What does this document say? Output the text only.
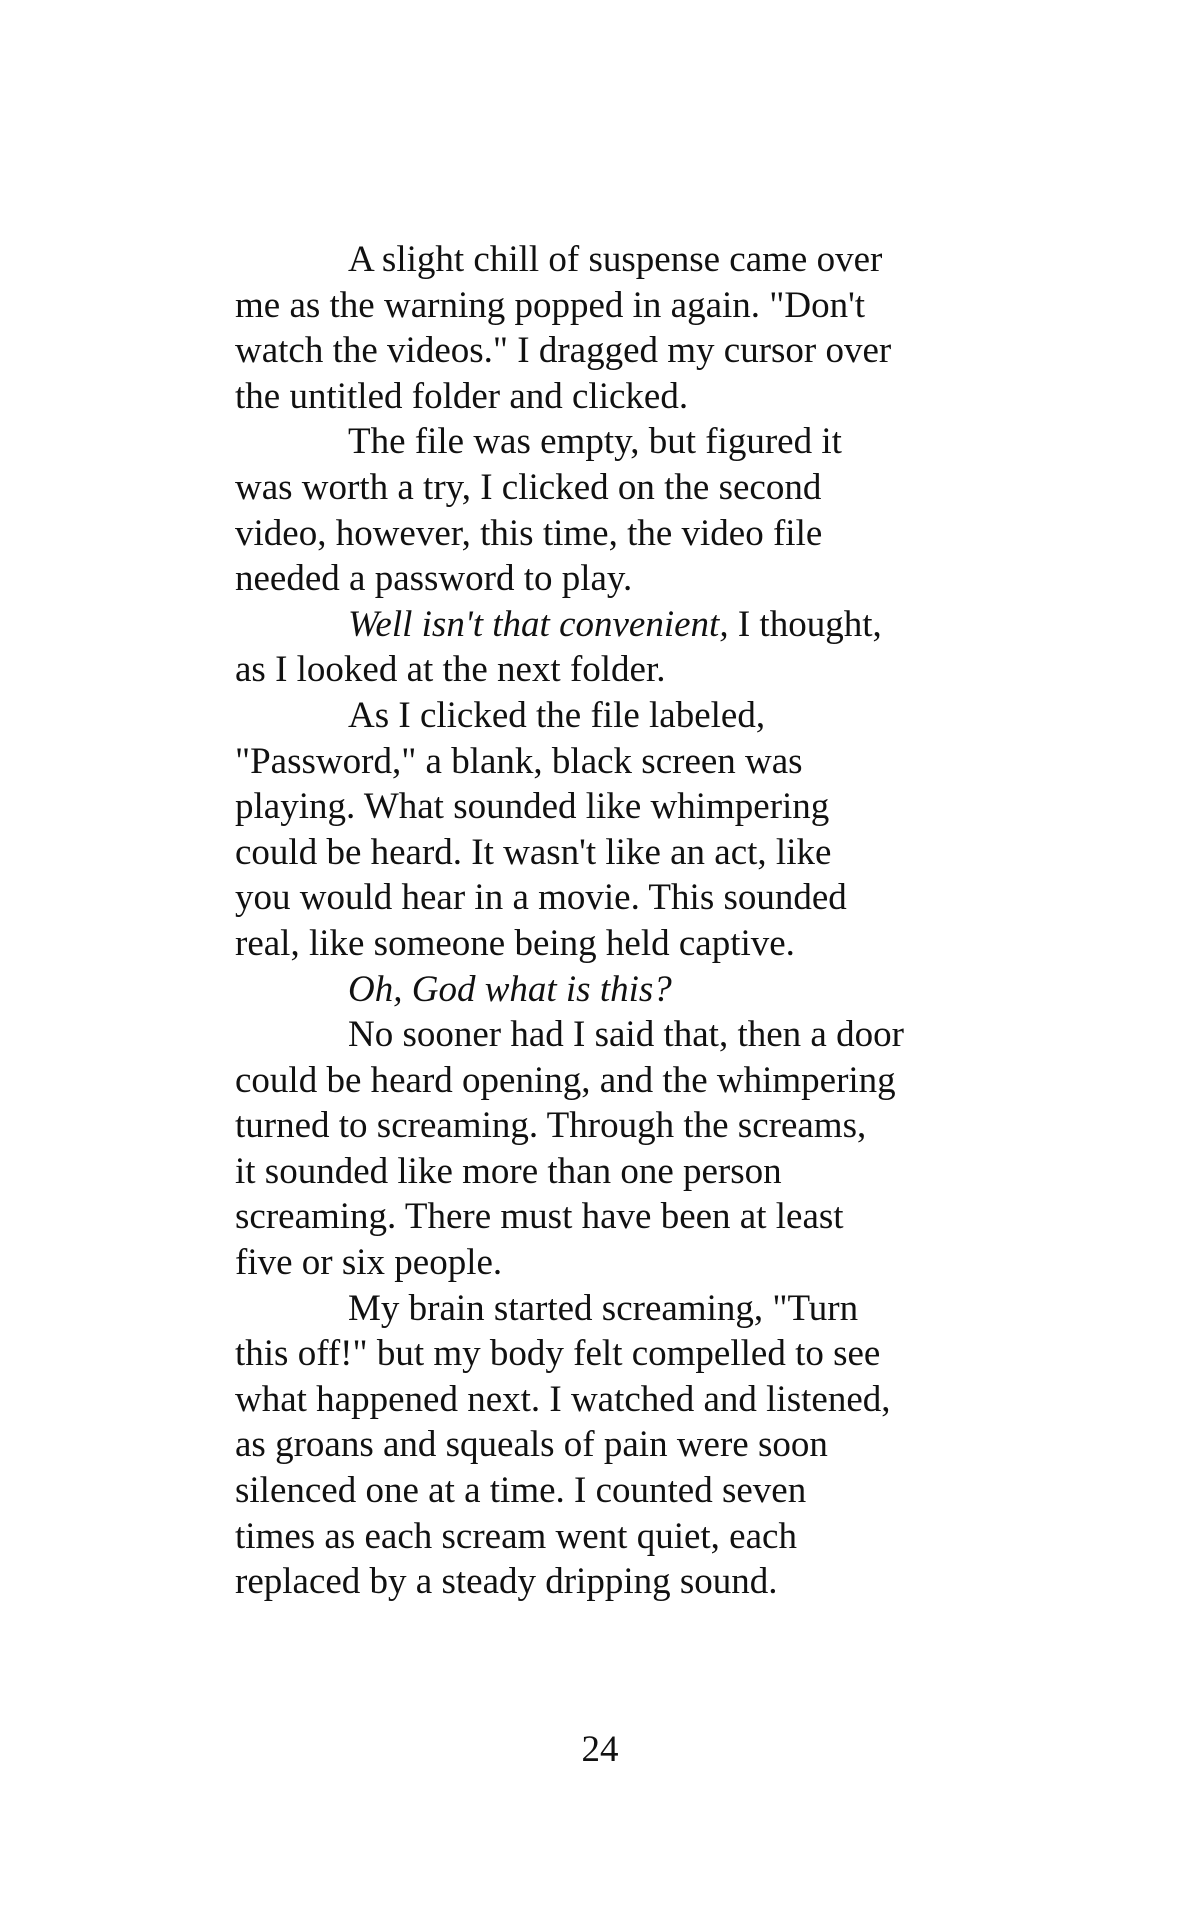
A slight chill of suspense came over
me as the warning popped in again. "Don't
watch the videos." I dragged my cursor over
the untitled folder and clicked.
The file was empty, but figured it
was worth a try, I clicked on the second
video, however, this time, the video file
needed a password to play.
Well isn't that convenient, I thought,
as I looked at the next folder.
As I clicked the file labeled,
"Password," a blank, black screen was
playing. What sounded like whimpering
could be heard. It wasn't like an act, like
you would hear in a movie. This sounded
real, like someone being held captive.
Oh, God what is this?
No sooner had I said that, then a door
could be heard opening, and the whimpering
turned to screaming. Through the screams,
it sounded like more than one person
screaming. There must have been at least
five or six people.
My brain started screaming, "Turn
this off!" but my body felt compelled to see
what happened next. I watched and listened,
as groans and squeals of pain were soon
silenced one at a time. I counted seven
times as each scream went quiet, each
replaced by a steady dripping sound.
24
